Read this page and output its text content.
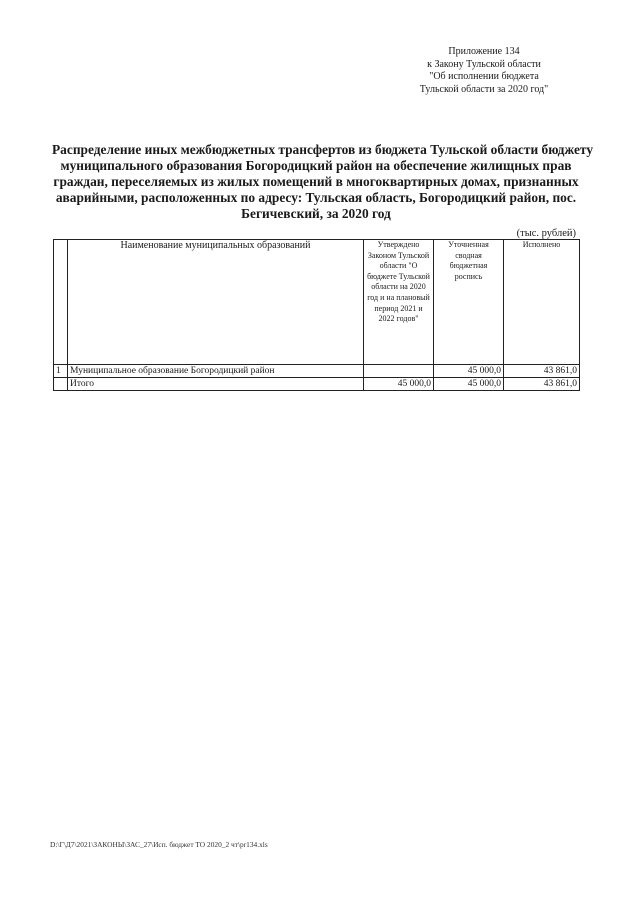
Приложение 134
к Закону Тульской области
"Об исполнении бюджета
Тульской области за 2020 год"
Распределение иных межбюджетных трансфертов из бюджета Тульской области бюджету
муниципального образования Богородицкий район на обеспечение жилищных прав
граждан, переселяемых из жилых помещений в многоквартирных домах, признанных
аварийными, расположенных по адресу: Тульская область, Богородицкий район, пос.
Бегичевский, за 2020 год
(тыс. рублей)
	Наименование муниципальных образований	Утверждено Законом Тульской области "О бюджете Тульской области на 2020 год и на плановый период 2021 и 2022 годов"	Уточненная сводная бюджетная роспись	Исполнено
1	Муниципальное образование Богородицкий район		45 000,0	43 861,0
	Итого	45 000,0	45 000,0	43 861,0
D:\Г\Д7\2021\ЗАКОНЫ\ЗАС_27\Исп. бюджет ТО 2020_2 чт\pr134.xls
